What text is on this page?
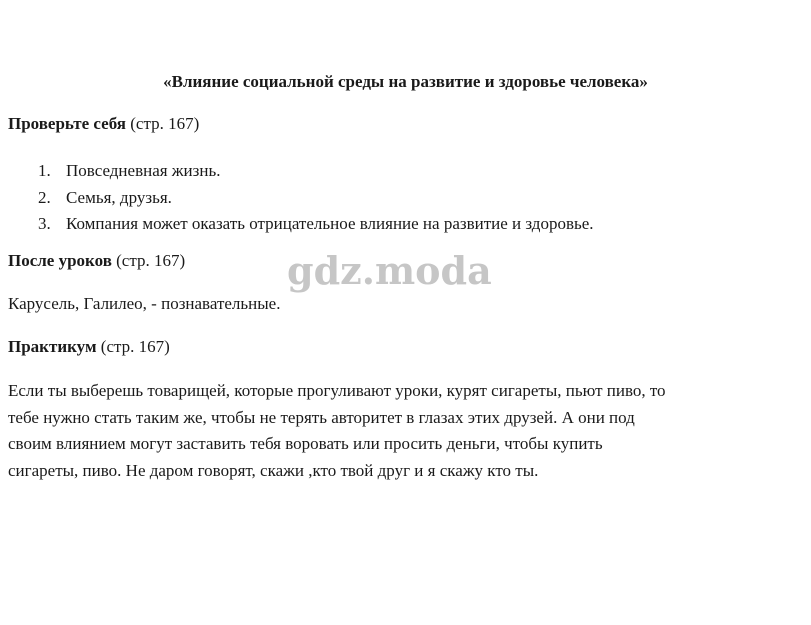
«Влияние социальной среды на развитие и здоровье человека»
Проверьте себя (стр. 167)
1. Повседневная жизнь.
2. Семья, друзья.
3. Компания может оказать отрицательное влияние на развитие и здоровье.
После уроков (стр. 167)
Карусель, Галилео, - познавательные.
Практикум (стр. 167)

Если ты выберешь товарищей, которые прогуливают уроки, курят сигареты, пьют пиво, то

тебе нужно стать таким же, чтобы не терять авторитет в глазах этих друзей. А они под

своим влиянием могут заставить тебя воровать или просить деньги, чтобы купить

сигареты, пиво. Не даром говорят, скажи ,кто твой друг и я скажу кто ты.

gdz.moda
